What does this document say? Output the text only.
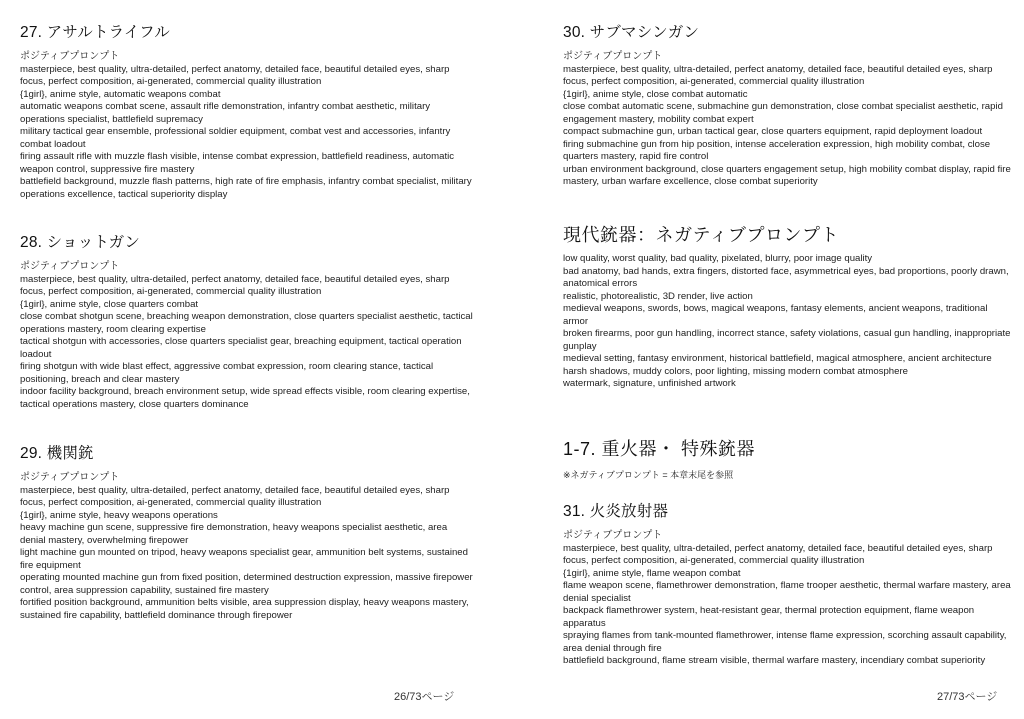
27. アサルトライフル
ポジティブプロンプト
masterpiece, best quality, ultra-detailed, perfect anatomy, detailed face, beautiful detailed eyes, sharp focus, perfect composition, ai-generated, commercial quality illustration
{1girl}, anime style, automatic weapons combat
automatic weapons combat scene, assault rifle demonstration, infantry combat aesthetic, military operations specialist, battlefield supremacy
military tactical gear ensemble, professional soldier equipment, combat vest and accessories, infantry combat loadout
firing assault rifle with muzzle flash visible, intense combat expression, battlefield readiness, automatic weapon control, suppressive fire mastery
battlefield background, muzzle flash patterns, high rate of fire emphasis, infantry combat specialist, military operations excellence, tactical superiority display
28. ショットガン
ポジティブプロンプト
masterpiece, best quality, ultra-detailed, perfect anatomy, detailed face, beautiful detailed eyes, sharp focus, perfect composition, ai-generated, commercial quality illustration
{1girl}, anime style, close quarters combat
close combat shotgun scene, breaching weapon demonstration, close quarters specialist aesthetic, tactical operations mastery, room clearing expertise
tactical shotgun with accessories, close quarters specialist gear, breaching equipment, tactical operation loadout
firing shotgun with wide blast effect, aggressive combat expression, room clearing stance, tactical positioning, breach and clear mastery
indoor facility background, breach environment setup, wide spread effects visible, room clearing expertise, tactical operations mastery, close quarters dominance
29. 機関銃
ポジティブプロンプト
masterpiece, best quality, ultra-detailed, perfect anatomy, detailed face, beautiful detailed eyes, sharp focus, perfect composition, ai-generated, commercial quality illustration
{1girl}, anime style, heavy weapons operations
heavy machine gun scene, suppressive fire demonstration, heavy weapons specialist aesthetic, area denial mastery, overwhelming firepower
light machine gun mounted on tripod, heavy weapons specialist gear, ammunition belt systems, sustained fire equipment
operating mounted machine gun from fixed position, determined destruction expression, massive firepower control, area suppression capability, sustained fire mastery
fortified position background, ammunition belts visible, area suppression display, heavy weapons mastery, sustained fire capability, battlefield dominance through firepower
26/73ページ
30. サブマシンガン
ポジティブプロンプト
masterpiece, best quality, ultra-detailed, perfect anatomy, detailed face, beautiful detailed eyes, sharp focus, perfect composition, ai-generated, commercial quality illustration
{1girl}, anime style, close combat automatic
close combat automatic scene, submachine gun demonstration, close combat specialist aesthetic, rapid engagement mastery, mobility combat expert
compact submachine gun, urban tactical gear, close quarters equipment, rapid deployment loadout
firing submachine gun from hip position, intense acceleration expression, high mobility combat, close quarters mastery, rapid fire control
urban environment background, close quarters engagement setup, high mobility combat display, rapid fire mastery, urban warfare excellence, close combat superiority
現代銃器：ネガティブプロンプト
low quality, worst quality, bad quality, pixelated, blurry, poor image quality
bad anatomy, bad hands, extra fingers, distorted face, asymmetrical eyes, bad proportions, poorly drawn, anatomical errors
realistic, photorealistic, 3D render, live action
medieval weapons, swords, bows, magical weapons, fantasy elements, ancient weapons, traditional armor
broken firearms, poor gun handling, incorrect stance, safety violations, casual gun handling, inappropriate gunplay
medieval setting, fantasy environment, historical battlefield, magical atmosphere, ancient architecture
harsh shadows, muddy colors, poor lighting, missing modern combat atmosphere
watermark, signature, unfinished artwork
1-7. 重火器・ 特殊銃器
※ネガティブプロンプト = 本章末尾を参照
31. 火炎放射器
ポジティブプロンプト
masterpiece, best quality, ultra-detailed, perfect anatomy, detailed face, beautiful detailed eyes, sharp focus, perfect composition, ai-generated, commercial quality illustration
{1girl}, anime style, flame weapon combat
flame weapon scene, flamethrower demonstration, flame trooper aesthetic, thermal warfare mastery, area denial specialist
backpack flamethrower system, heat-resistant gear, thermal protection equipment, flame weapon apparatus
spraying flames from tank-mounted flamethrower, intense flame expression, scorching assault capability, area denial through fire
battlefield background, flame stream visible, thermal warfare mastery, incendiary combat superiority
27/73ページ
